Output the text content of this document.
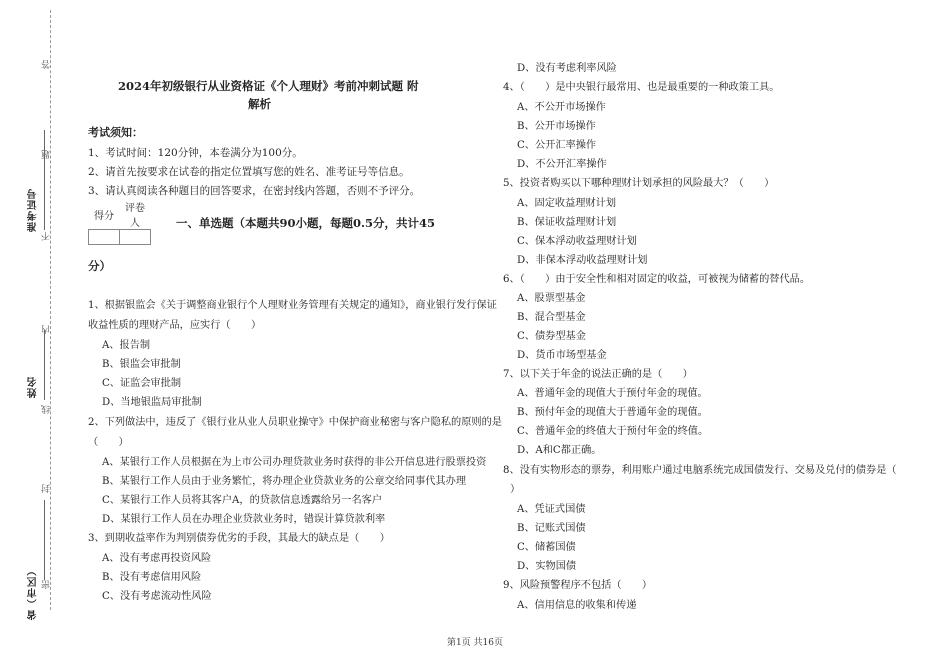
答
题
不
内
线
封
密
准考证号
姓名
省（市区）
2024年初级银行从业资格证《个人理财》考前冲刺试题 附
解析
考试须知：
1、考试时间：120分钟，本卷满分为100分。
2、请首先按要求在试卷的指定位置填写您的姓名、准考证号等信息。
3、请认真阅读各种题目的回答要求，在密封线内答题，否则不予评分。
得分	评卷人
		一、单选题（本题共90小题，每题0.5分，共计45
分）
1、根据银监会《关于调整商业银行个人理财业务管理有关规定的通知》，商业银行发行保证
收益性质的理财产品，应实行（　　）
A、报告制
B、银监会审批制
C、证监会审批制
D、当地银监局审批制
2、下列做法中，违反了《银行业从业人员职业操守》中保护商业秘密与客户隐私的原则的是
（　　）
A、某银行工作人员根据在为上市公司办理贷款业务时获得的非公开信息进行股票投资
B、某银行工作人员由于业务繁忙，将办理企业贷款业务的公章交给同事代其办理
C、某银行工作人员将其客户A，的贷款信息透露给另一名客户
D、某银行工作人员在办理企业贷款业务时，错误计算贷款利率
3、到期收益率作为判别债券优劣的手段，其最大的缺点是（　　）
A、没有考虑再投资风险
B、没有考虑信用风险
C、没有考虑流动性风险
D、没有考虑利率风险
4、（　　）是中央银行最常用、也是最重要的一种政策工具。
A、不公开市场操作
B、公开市场操作
C、公开汇率操作
D、不公开汇率操作
5、投资者购买以下哪种理财计划承担的风险最大？（　　）
A、固定收益理财计划
B、保证收益理财计划
C、保本浮动收益理财计划
D、非保本浮动收益理财计划
6、（　　）由于安全性和相对固定的收益，可被视为储蓄的替代品。
A、股票型基金
B、混合型基金
C、债券型基金
D、货币市场型基金
7、以下关于年金的说法正确的是（　　）
A、普通年金的现值大于预付年金的现值。
B、预付年金的现值大于普通年金的现值。
C、普通年金的终值大于预付年金的终值。
D、A和C都正确。
8、没有实物形态的票券，利用账户通过电脑系统完成国债发行、交易及兑付的债券是（
）
A、凭证式国债
B、记账式国债
C、储蓄国债
D、实物国债
9、风险预警程序不包括（　　）
A、信用信息的收集和传递
第1页 共16页
